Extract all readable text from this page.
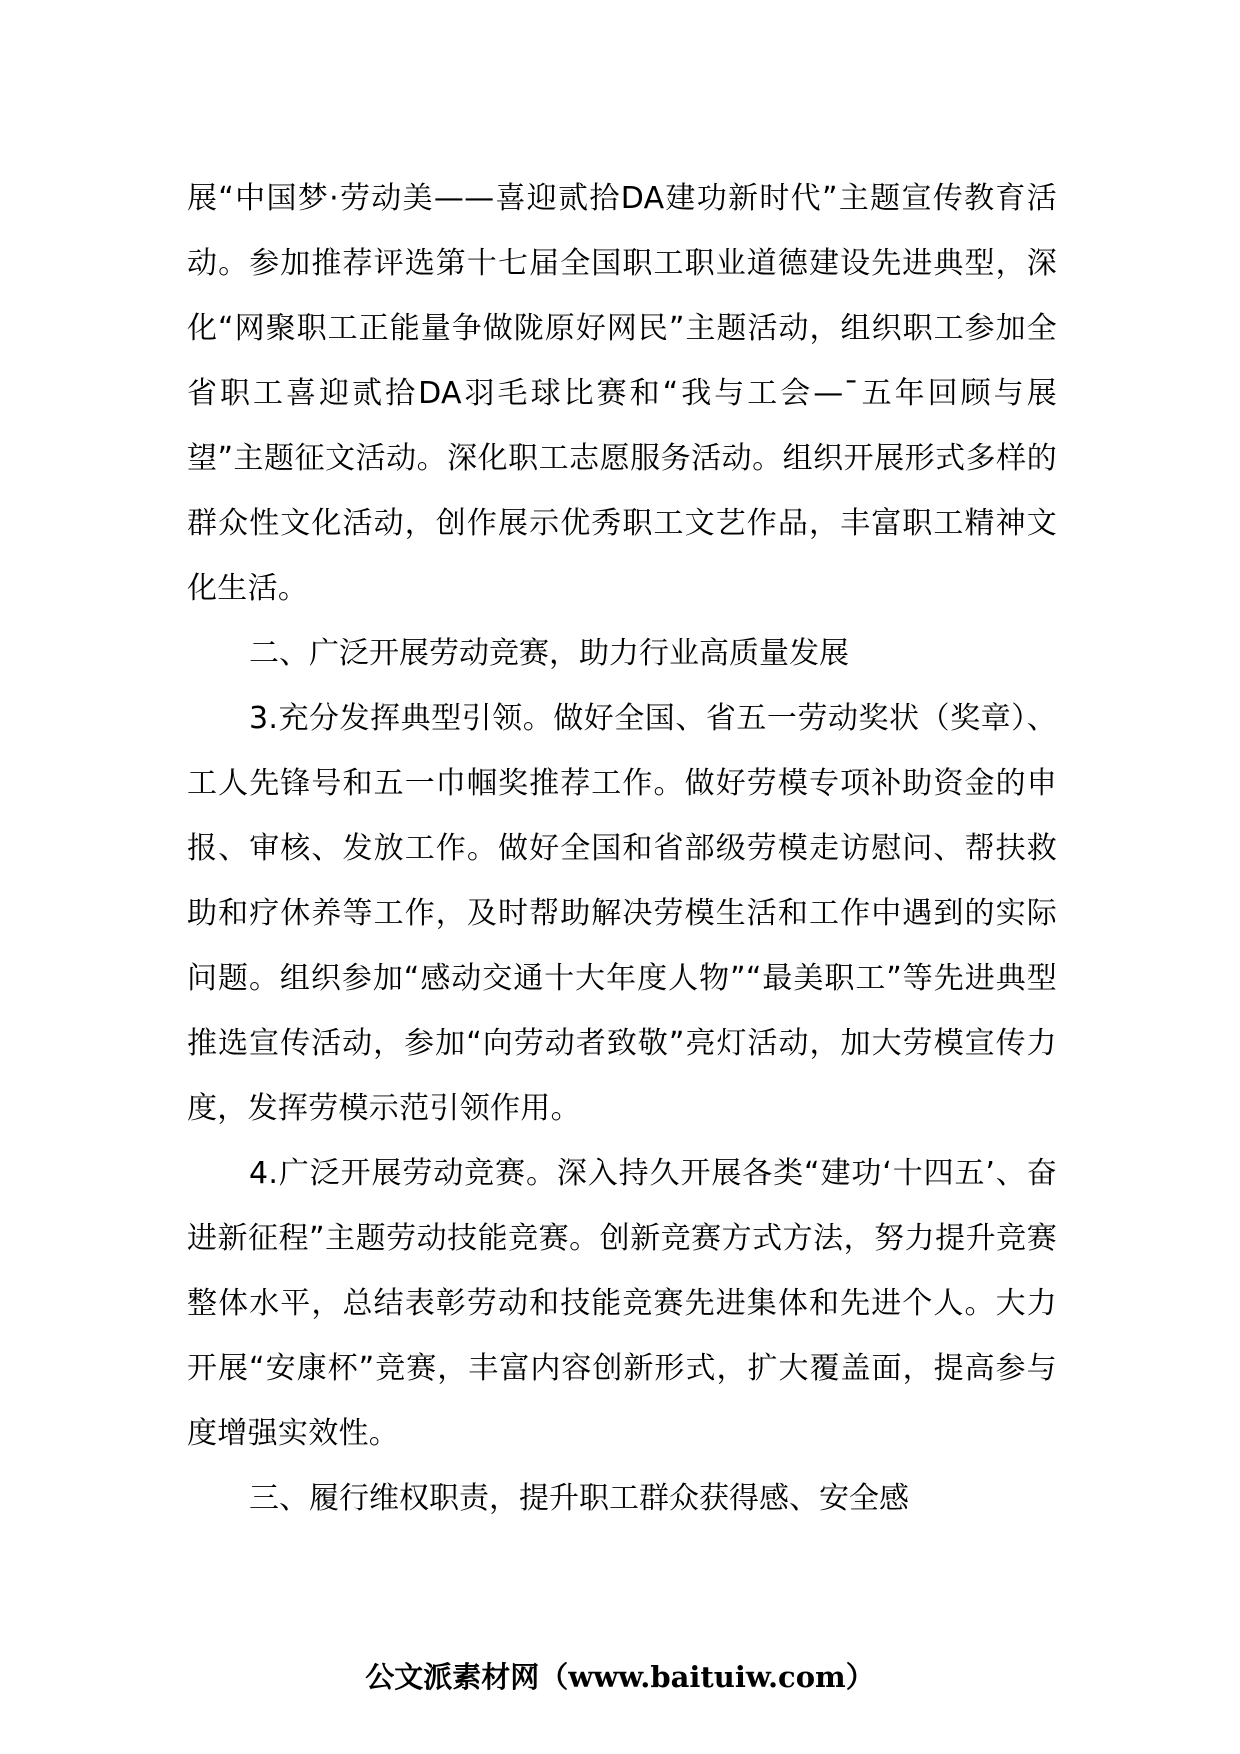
展“中国梦·劳动美——喜迎贰拾DA建功新时代”主题宣传教育活动。参加推荐评选第十七届全国职工职业道德建设先进典型，深化“网聚职工正能量争做陇原好网民”主题活动，组织职工参加全省职工喜迎贰拾DA羽毛球比赛和“我与工会—¯五年回顾与展望”主题征文活动。深化职工志愿服务活动。组织开展形式多样的群众性文化活动，创作展示优秀职工文艺作品，丰富职工精神文化生活。

二、广泛开展劳动竞赛，助力行业高质量发展

3.充分发挥典型引领。做好全国、省五一劳动奖状（奖章）、工人先锋号和五一巾帼奖推荐工作。做好劳模专项补助资金的申报、审核、发放工作。做好全国和省部级劳模走访慰问、帮扶救助和疗休养等工作，及时帮助解决劳模生活和工作中遇到的实际问题。组织参加“感动交通十大年度人物”“最美职工”等先进典型推选宣传活动，参加“向劳动者致敬”亮灯活动，加大劳模宣传力度，发挥劳模示范引领作用。

4.广泛开展劳动竞赛。深入持久开展各类“建功‘十四五’、奋进新征程”主题劳动技能竞赛。创新竞赛方式方法，努力提升竞赛整体水平，总结表彰劳动和技能竞赛先进集体和先进个人。大力开展“安康杯”竞赛，丰富内容创新形式，扩大覆盖面，提高参与度增强实效性。

三、履行维权职责，提升职工群众获得感、安全感

公文派素材网（www.baituiw.com）
